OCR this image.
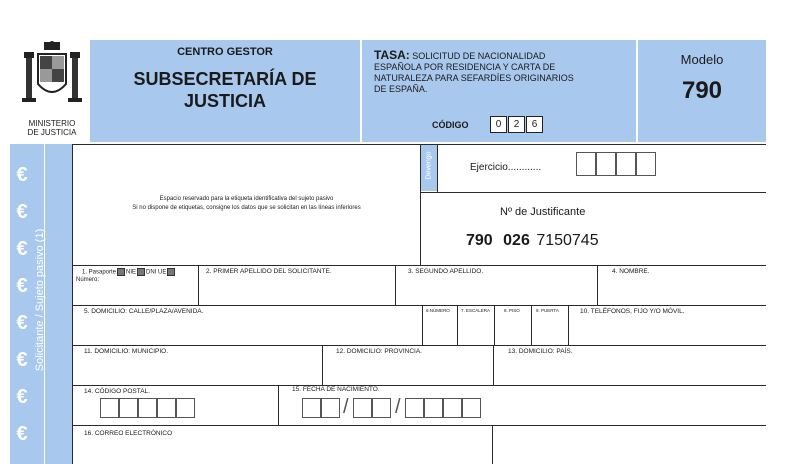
MINISTERIO
DE JUSTICIA
CENTRO GESTOR
SUBSECRETARÍA DE
JUSTICIA
TASA: SOLICITUD DE NACIONALIDAD
ESPAÑOLA POR RESIDENCIA Y CARTA DE
NATURALEZA PARA SEFARDÍES ORIGINARIOS
DE ESPAÑA.
CÓDIGO	0	2	6
Modelo
790
Solicitante / Sujeto pasivo (1)
€
€
€
€
€
€
€
€
Espacio reservado para la etiqueta identificativa del sujeto pasivo
Si no dispone de etiquetas, consigne los datos que se solicitan en las líneas inferiores
Devengo	Ejercicio............
Nº de Justificante
790 026 7150745
1. Pasaporte NIE DNI UE
Número:
2. PRIMER APELLIDO DEL SOLICITANTE.	3. SEGUNDO APELLIDO.	4. NOMBRE.
5. DOMICILIO: CALLE/PLAZA/AVENIDA.	6.NÚMERO 7. ESCALERA	8. PISO	9. PUERTA	10. TELÉFONOS, FIJO Y/O MÓVIL.
11. DOMICILIO: MUNICIPIO.	12. DOMICILIO: PROVINCIA.	13. DOMICILIO: PAÍS.
14. CÓDIGO POSTAL.	15. FECHA DE NACIMIENTO.
/ /
16. CORREO ELECTRÓNICO
